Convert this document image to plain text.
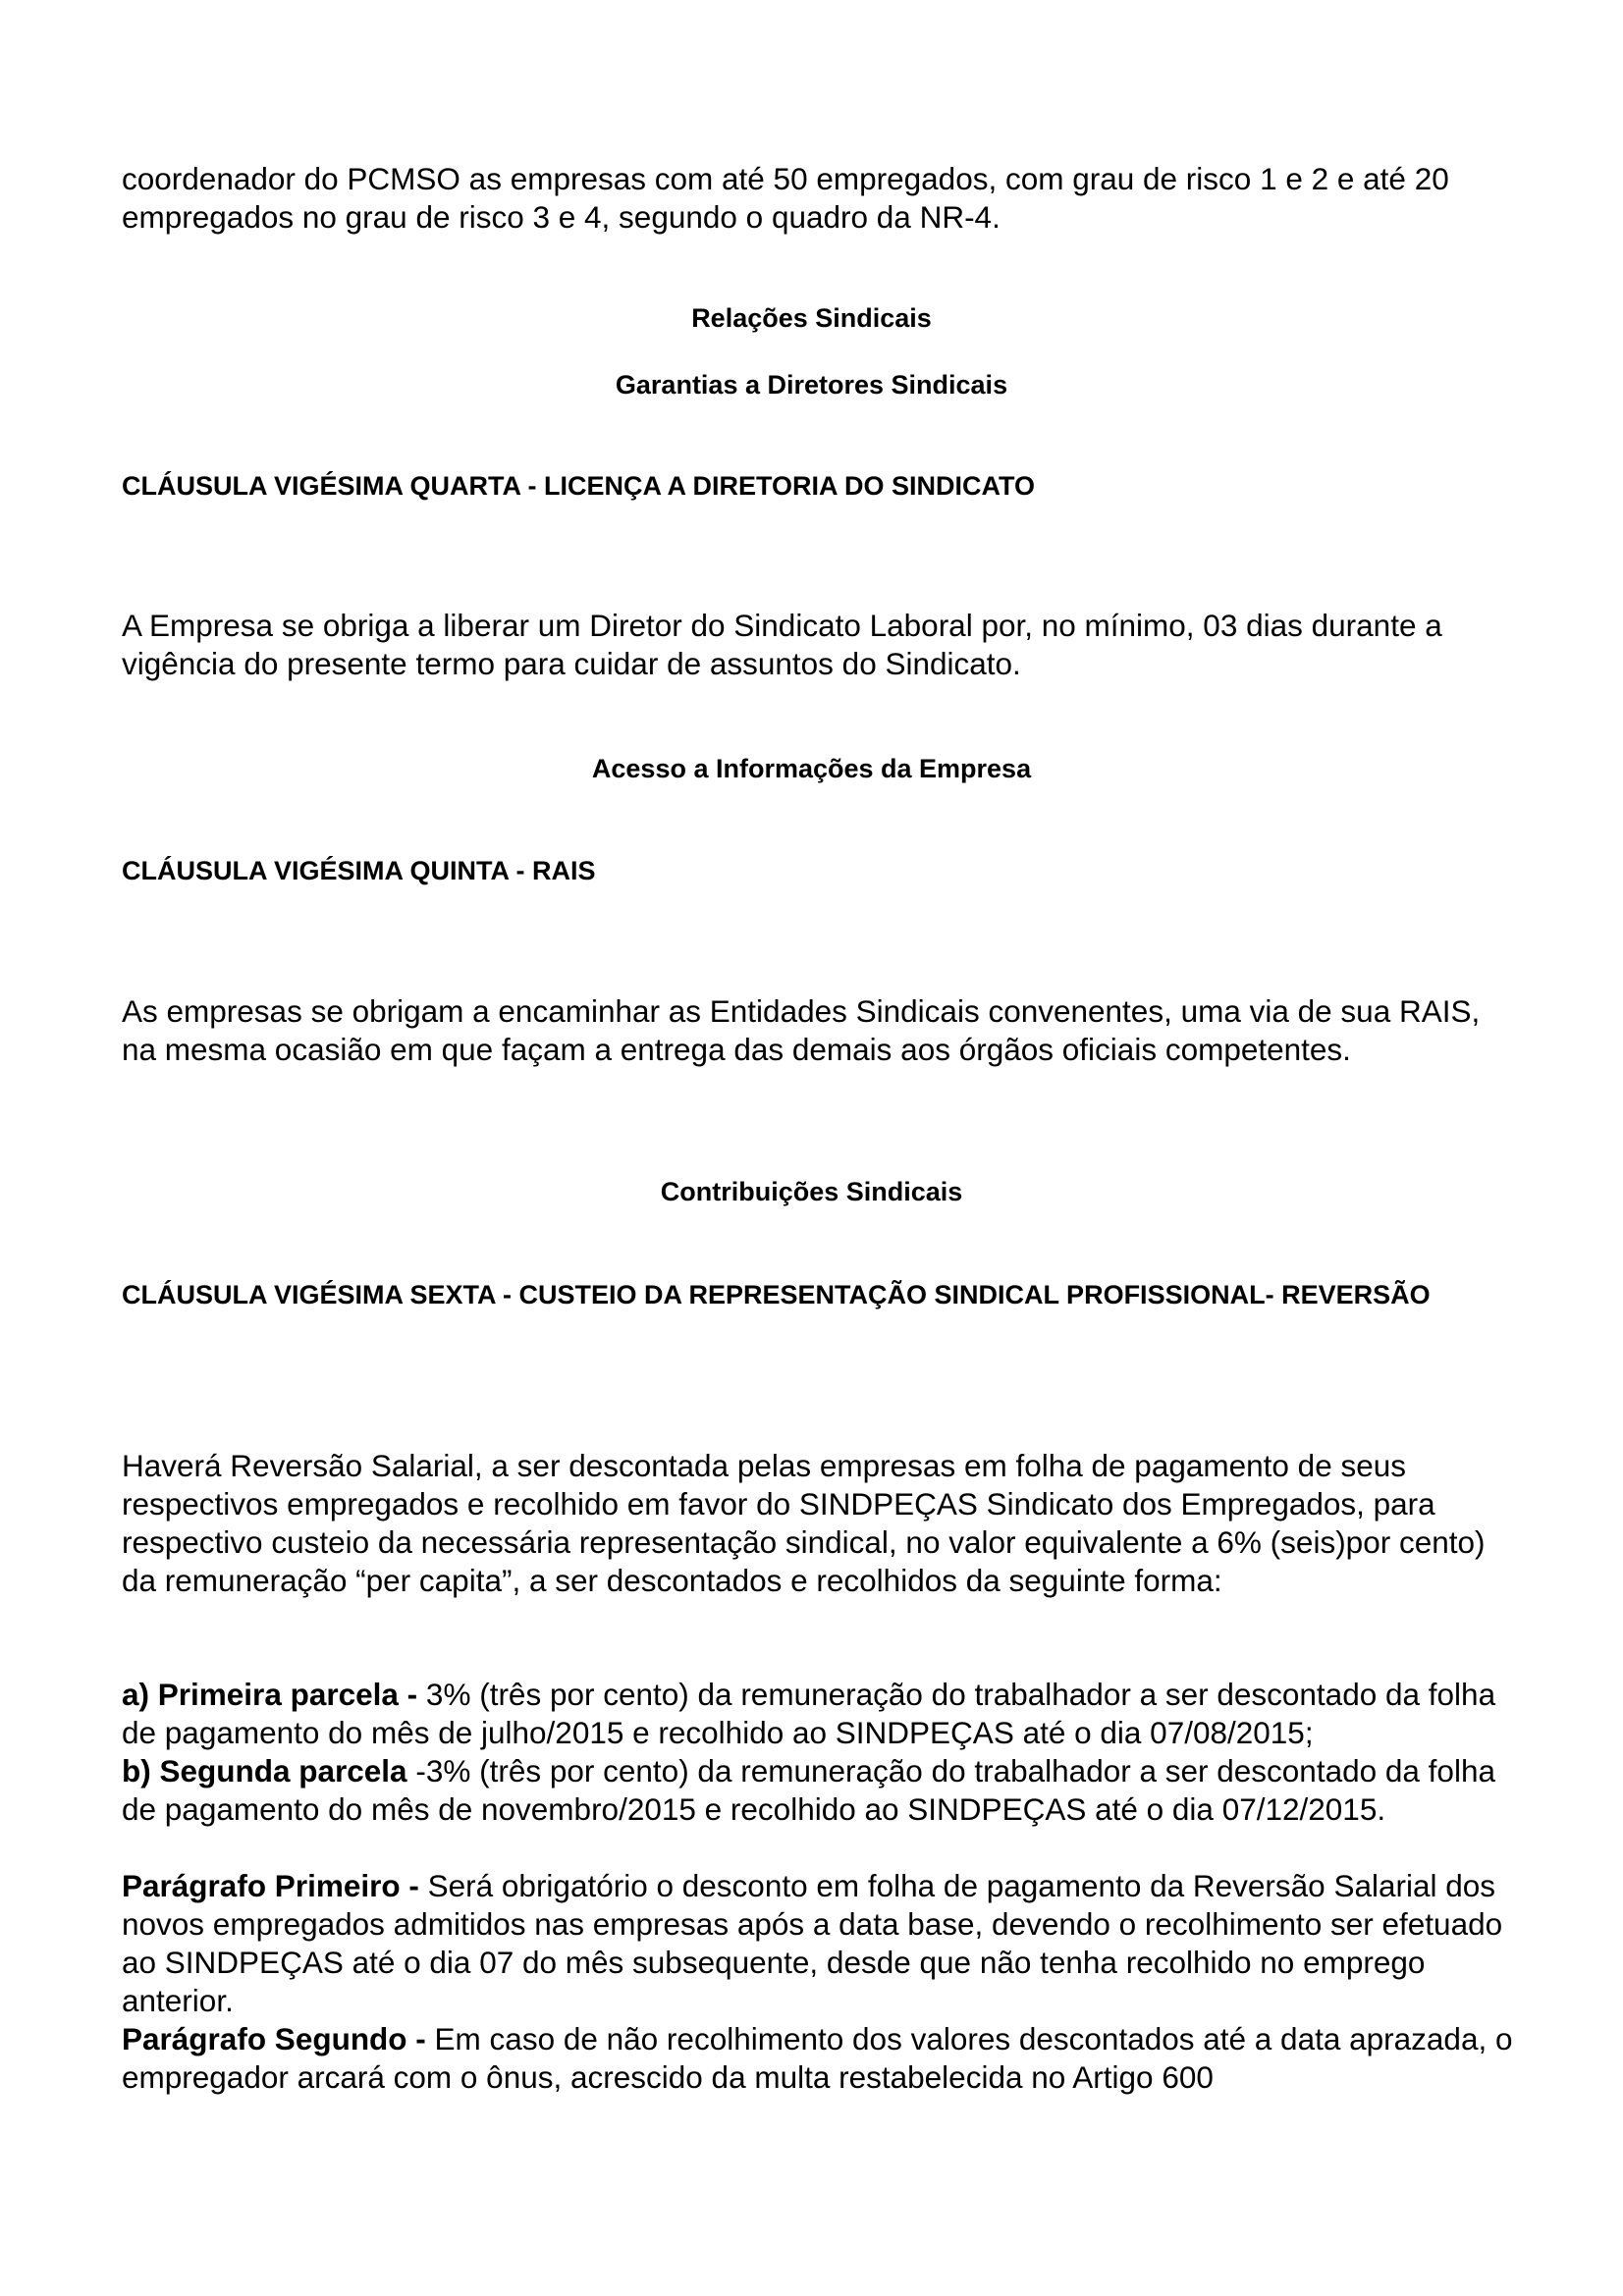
coordenador do PCMSO as empresas com até 50 empregados, com grau de risco 1 e 2 e até 20 empregados no grau de risco 3 e 4, segundo o quadro da NR-4.

Relações Sindicais

Garantias a Diretores Sindicais

CLÁUSULA VIGÉSIMA QUARTA - LICENÇA A DIRETORIA DO SINDICATO

A Empresa se obriga a liberar um Diretor do Sindicato Laboral por, no mínimo, 03 dias durante a vigência do presente termo para cuidar de assuntos do Sindicato.

Acesso a Informações da Empresa

CLÁUSULA VIGÉSIMA QUINTA - RAIS

As empresas se obrigam a encaminhar as Entidades Sindicais convenentes, uma via de sua RAIS, na mesma ocasião em que façam a entrega das demais aos órgãos oficiais competentes.

Contribuições Sindicais

CLÁUSULA VIGÉSIMA SEXTA - CUSTEIO DA REPRESENTAÇÃO SINDICAL PROFISSIONAL- REVERSÃO

Haverá Reversão Salarial, a ser descontada pelas empresas em folha de pagamento de seus respectivos empregados e recolhido em favor do SINDPEÇAS Sindicato dos Empregados, para respectivo custeio da necessária representação sindical, no valor equivalente a 6% (seis)por cento) da remuneração “per capita”, a ser descontados e recolhidos da seguinte forma:

a) Primeira parcela - 3% (três por cento) da remuneração do trabalhador a ser descontado da folha de pagamento do mês de julho/2015 e recolhido ao SINDPEÇAS até o dia 07/08/2015;

b) Segunda parcela -3% (três por cento) da remuneração do trabalhador a ser descontado da folha de pagamento do mês de novembro/2015 e recolhido ao SINDPEÇAS até o dia 07/12/2015.

Parágrafo Primeiro - Será obrigatório o desconto em folha de pagamento da Reversão Salarial dos novos empregados admitidos nas empresas após a data base, devendo o recolhimento ser efetuado ao SINDPEÇAS até o dia 07 do mês subsequente, desde que não tenha recolhido no emprego anterior.

Parágrafo Segundo - Em caso de não recolhimento dos valores descontados até a data aprazada, o empregador arcará com o ônus, acrescido da multa restabelecida no Artigo 600
